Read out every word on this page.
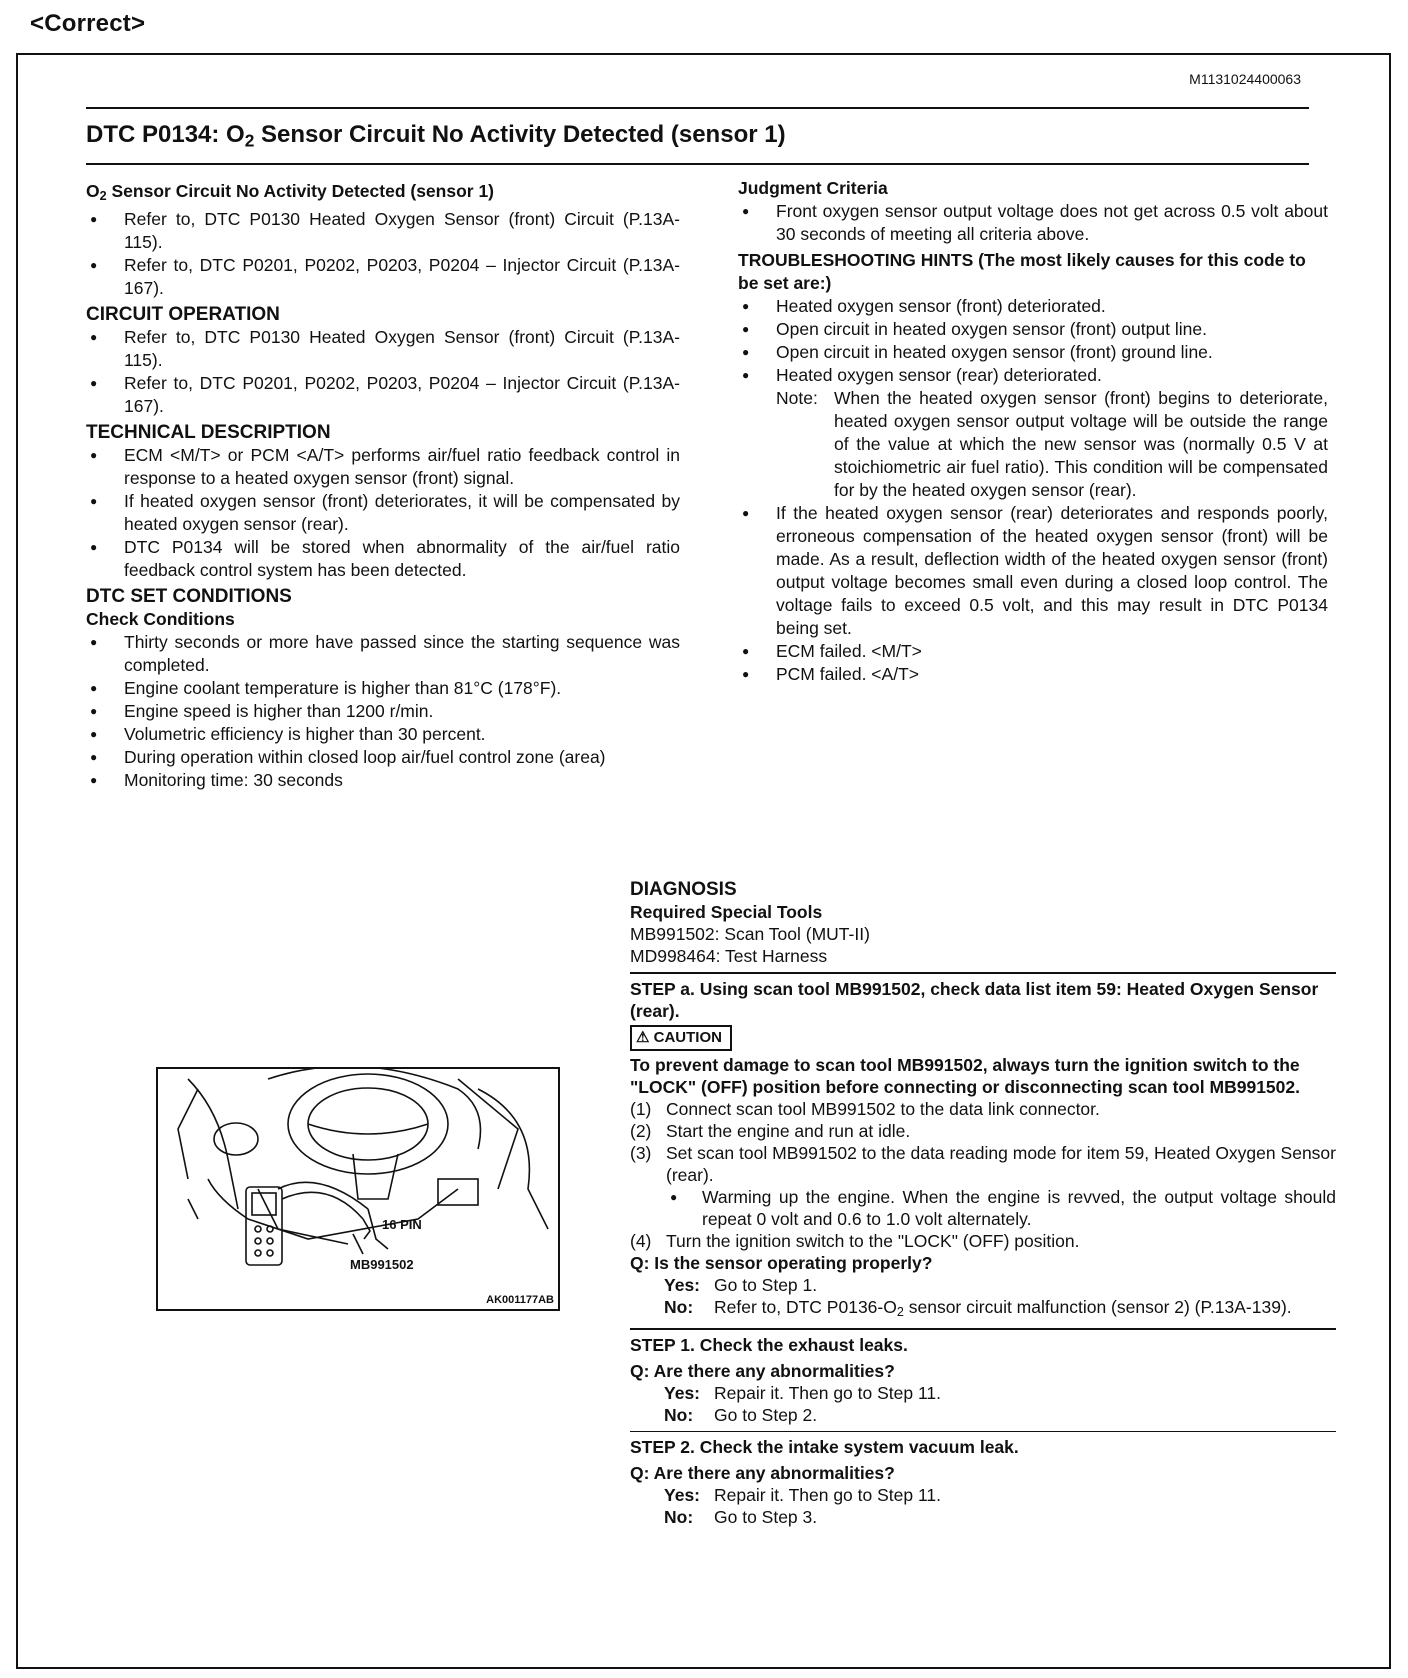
<Correct>
M1131024400063
DTC P0134: $O_2$ Sensor Circuit No Activity Detected (sensor 1)
$O_2$ Sensor Circuit No Activity Detected (sensor 1)
● Refer to, DTC P0130 Heated Oxygen Sensor (front) Circuit (P.13A-115).
● Refer to, DTC P0201, P0202, P0203, P0204 – Injector Circuit (P.13A-167).
CIRCUIT OPERATION
● Refer to, DTC P0130 Heated Oxygen Sensor (front) Circuit (P.13A-115).
● Refer to, DTC P0201, P0202, P0203, P0204 – Injector Circuit (P.13A-167).
TECHNICAL DESCRIPTION
● ECM <M/T> or PCM <A/T> performs air/fuel ratio feedback control in response to a heated oxygen sensor (front) signal.
● If heated oxygen sensor (front) deteriorates, it will be compensated by heated oxygen sensor (rear).
● DTC P0134 will be stored when abnormality of the air/fuel ratio feedback control system has been detected.
DTC SET CONDITIONS
Check Conditions
● Thirty seconds or more have passed since the starting sequence was completed.
● Engine coolant temperature is higher than 81°C (178°F).
● Engine speed is higher than 1200 r/min.
● Volumetric efficiency is higher than 30 percent.
● During operation within closed loop air/fuel control zone (area)
● Monitoring time: 30 seconds
Judgment Criteria
● Front oxygen sensor output voltage does not get across 0.5 volt about 30 seconds of meeting all criteria above.
TROUBLESHOOTING HINTS (The most likely causes for this code to be set are:)
● Heated oxygen sensor (front) deteriorated.
● Open circuit in heated oxygen sensor (front) output line.
● Open circuit in heated oxygen sensor (front) ground line.
● Heated oxygen sensor (rear) deteriorated.
Note: When the heated oxygen sensor (front) begins to deteriorate, heated oxygen sensor output voltage will be outside the range of the value at which the new sensor was (normally 0.5 V at stoichiometric air fuel ratio). This condition will be compensated for by the heated oxygen sensor (rear).
● If the heated oxygen sensor (rear) deteriorates and responds poorly, erroneous compensation of the heated oxygen sensor (front) will be made. As a result, deflection width of the heated oxygen sensor (front) output voltage becomes small even during a closed loop control. The voltage fails to exceed 0.5 volt, and this may result in DTC P0134 being set.
● ECM failed. <M/T>
● PCM failed. <A/T>
16 PIN
MB991502
AK001177AB
DIAGNOSIS
Required Special Tools
MB991502: Scan Tool (MUT-II)
MD998464: Test Harness
STEP a. Using scan tool MB991502, check data list item 59: Heated Oxygen Sensor (rear).
⚠ CAUTION
To prevent damage to scan tool MB991502, always turn the ignition switch to the "LOCK" (OFF) position before connecting or disconnecting scan tool MB991502.
(1) Connect scan tool MB991502 to the data link connector.
(2) Start the engine and run at idle.
(3) Set scan tool MB991502 to the data reading mode for item 59, Heated Oxygen Sensor (rear).
● Warming up the engine. When the engine is revved, the output voltage should repeat 0 volt and 0.6 to 1.0 volt alternately.
(4) Turn the ignition switch to the "LOCK" (OFF) position.
Q: Is the sensor operating properly?
Yes: Go to Step 1.
No: Refer to, DTC $P0136-O_2$ sensor circuit malfunction (sensor 2) (P.13A-139).
STEP 1. Check the exhaust leaks.
Q: Are there any abnormalities?
Yes: Repair it. Then go to Step 11.
No: Go to Step 2.
STEP 2. Check the intake system vacuum leak.
Q: Are there any abnormalities?
Yes: Repair it. Then go to Step 11.
No: Go to Step 3.
